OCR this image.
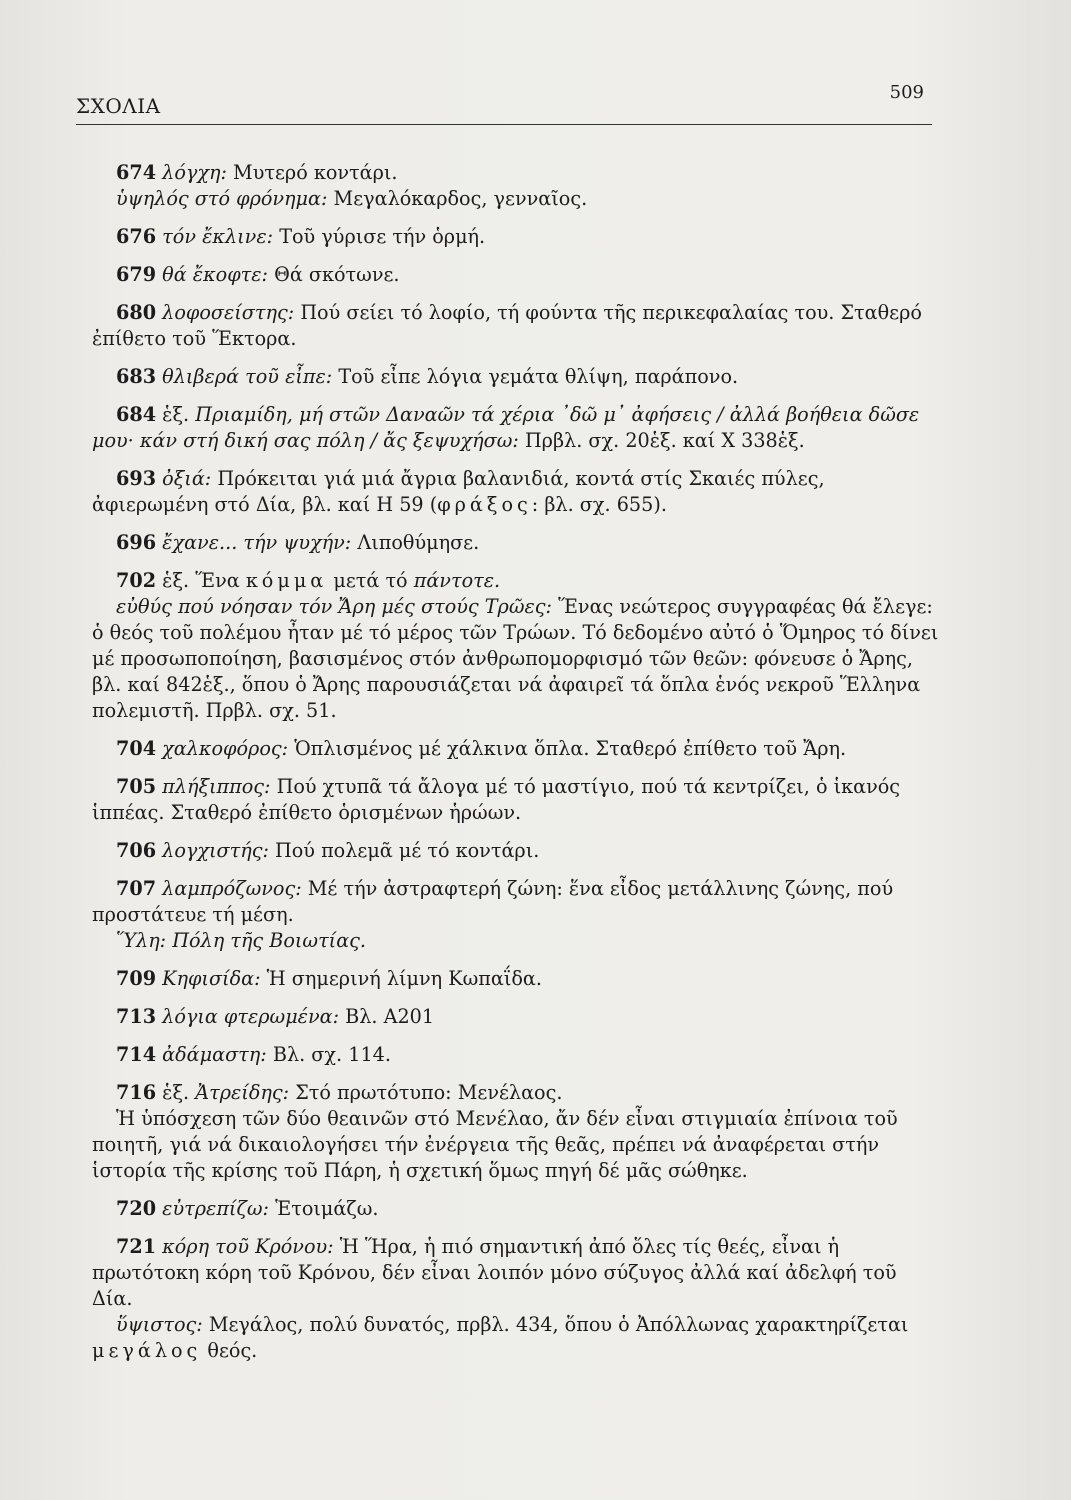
ΣΧΟΛΙΑ
509

674 λόγχη: Μυτερό κοντάρι.

ὑψηλός στό φρόνημα: Μεγαλόκαρδος, γενναῖος.

676 τόν ἔκλινε: Τοῦ γύρισε τήν ὁρμή.

679 θά ἔκοφτε: Θά σκότωνε.

680 λοφοσείστης: Πού σείει τό λοφίο, τή φούντα τῆς περικεφαλαίας του. Σταθερό ἐπίθετο τοῦ Ἕκτορα.

683 θλιβερά τοῦ εἶπε: Τοῦ εἶπε λόγια γεμάτα θλίψη, παράπονο.

684 ἑξ. Πριαμίδη, μή στῶν Δαναῶν τά χέρια ᾽δῶ μ᾽ ἀφήσεις / ἀλλά βοήθεια δῶσε μου· κάν στή δική σας πόλη / ἄς ξεψυχήσω: Πρβλ. σχ. 20ἑξ. καί Χ 338ἑξ.

693 ὀξιά: Πρόκειται γιά μιά ἄγρια βαλανιδιά, κοντά στίς Σκαιές πύλες, ἀφιερωμένη στό Δία, βλ. καί Η 59 (φράξος: βλ. σχ. 655).

696 ἔχανε... τήν ψυχήν: Λιποθύμησε.

702 ἑξ. Ἕνα κόμμα μετά τό πάντοτε.

εὐθύς πού νόησαν τόν Ἄρη μές στούς Τρῶες: Ἕνας νεώτερος συγγραφέας θά ἔλεγε: ὁ θεός τοῦ πολέμου ἦταν μέ τό μέρος τῶν Τρώων. Τό δεδομένο αὐτό ὁ Ὅμηρος τό δίνει μέ προσωποποίηση, βασισμένος στόν ἀνθρωπομορφισμό τῶν θεῶν: φόνευσε ὁ Ἄρης, βλ. καί 842ἑξ., ὅπου ὁ Ἄρης παρουσιάζεται νά ἀφαιρεῖ τά ὅπλα ἑνός νεκροῦ Ἕλληνα πολεμιστῆ. Πρβλ. σχ. 51.

704 χαλκοφόρος: Ὁπλισμένος μέ χάλκινα ὅπλα. Σταθερό ἐπίθετο τοῦ Ἄρη.

705 πλήξιππος: Πού χτυπᾶ τά ἄλογα μέ τό μαστίγιο, πού τά κεντρίζει, ὁ ἱκανός ἱππέας. Σταθερό ἐπίθετο ὁρισμένων ἡρώων.

706 λογχιστής: Πού πολεμᾶ μέ τό κοντάρι.

707 λαμπρόζωνος: Μέ τήν ἀστραφτερή ζώνη: ἕνα εἶδος μετάλλινης ζώνης, πού προστάτευε τή μέση.

Ὕλη: Πόλη τῆς Βοιωτίας.

709 Κηφισίδα: Ἡ σημερινή λίμνη Κωπαΐδα.

713 λόγια φτερωμένα: Βλ. Α201

714 ἀδάμαστη: Βλ. σχ. 114.

716 ἑξ. Ἀτρείδης: Στό πρωτότυπο: Μενέλαος.

Ἡ ὑπόσχεση τῶν δύο θεαινῶν στό Μενέλαο, ἄν δέν εἶναι στιγμιαία ἐπίνοια τοῦ ποιητῆ, γιά νά δικαιολογήσει τήν ἐνέργεια τῆς θεᾶς, πρέπει νά ἀναφέρεται στήν ἱστορία τῆς κρίσης τοῦ Πάρη, ἡ σχετική ὅμως πηγή δέ μᾶς σώθηκε.

720 εὐτρεπίζω: Ἑτοιμάζω.

721 κόρη τοῦ Κρόνου: Ἡ Ἥρα, ἡ πιό σημαντική ἀπό ὅλες τίς θεές, εἶναι ἡ πρωτότοκη κόρη τοῦ Κρόνου, δέν εἶναι λοιπόν μόνο σύζυγος ἀλλά καί ἀδελφή τοῦ Δία.

ὕψιστος: Μεγάλος, πολύ δυνατός, πρβλ. 434, ὅπου ὁ Ἀπόλλωνας χαρακτηρίζεται μεγάλος θεός.
